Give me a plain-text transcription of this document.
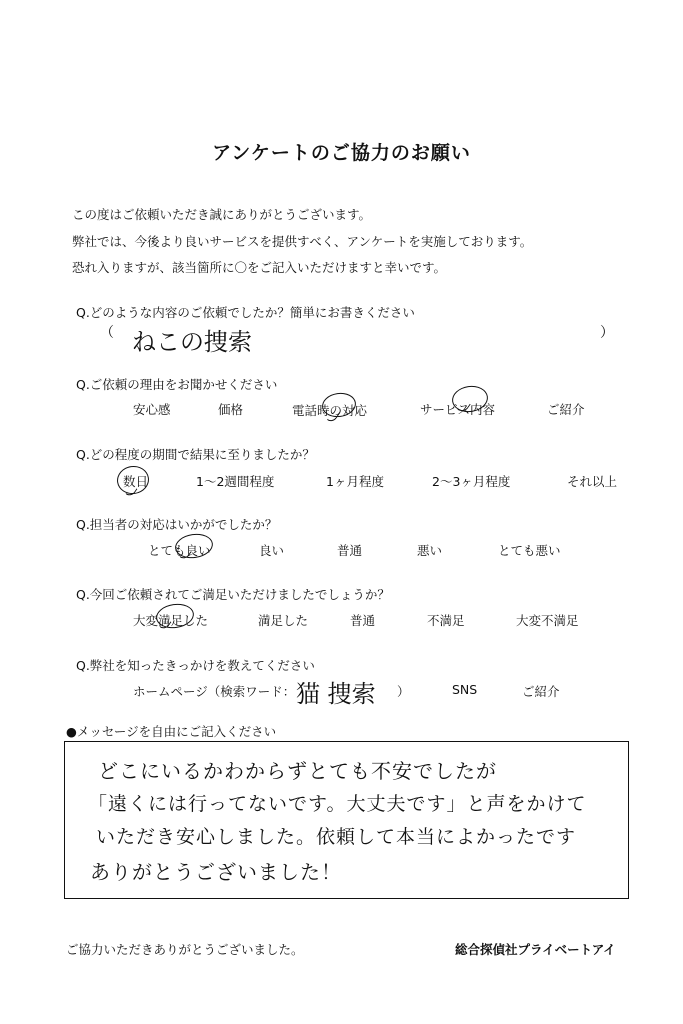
アンケートのご協力のお願い
この度はご依頼いただき誠にありがとうございます。
弊社では、今後より良いサービスを提供すべく、アンケートを実施しております。
恐れ入りますが、該当箇所に〇をご記入いただけますと幸いです。
Q.どのような内容のご依頼でしたか？簡単にお書きください
（ ねこの捜索	）
Q.ご依頼の理由をお聞かせください
安心感	価格	電話時の対応	サービス内容	ご紹介
Q.どの程度の期間で結果に至りましたか？
数日	1～2週間程度	1ヶ月程度	2～3ヶ月程度	それ以上
Q.担当者の対応はいかがでしたか？
とても良い	良い	普通	悪い	とても悪い
Q.今回ご依頼されてご満足いただけましたでしょうか？
大変満足した	満足した	普通	不満足	大変不満足
Q.弊社を知ったきっかけを教えてください
ホームページ（検索ワード： 猫 捜索 ）	SNS	ご紹介
●メッセージを自由にご記入ください
どこにいるかわからずとても不安でしたが
「遠くには行ってないです。大丈夫です」と声をかけて
いただき安心しました。依頼して本当によかったです
ありがとうございました！
ご協力いただきありがとうございました。	総合探偵社プライベートアイ
